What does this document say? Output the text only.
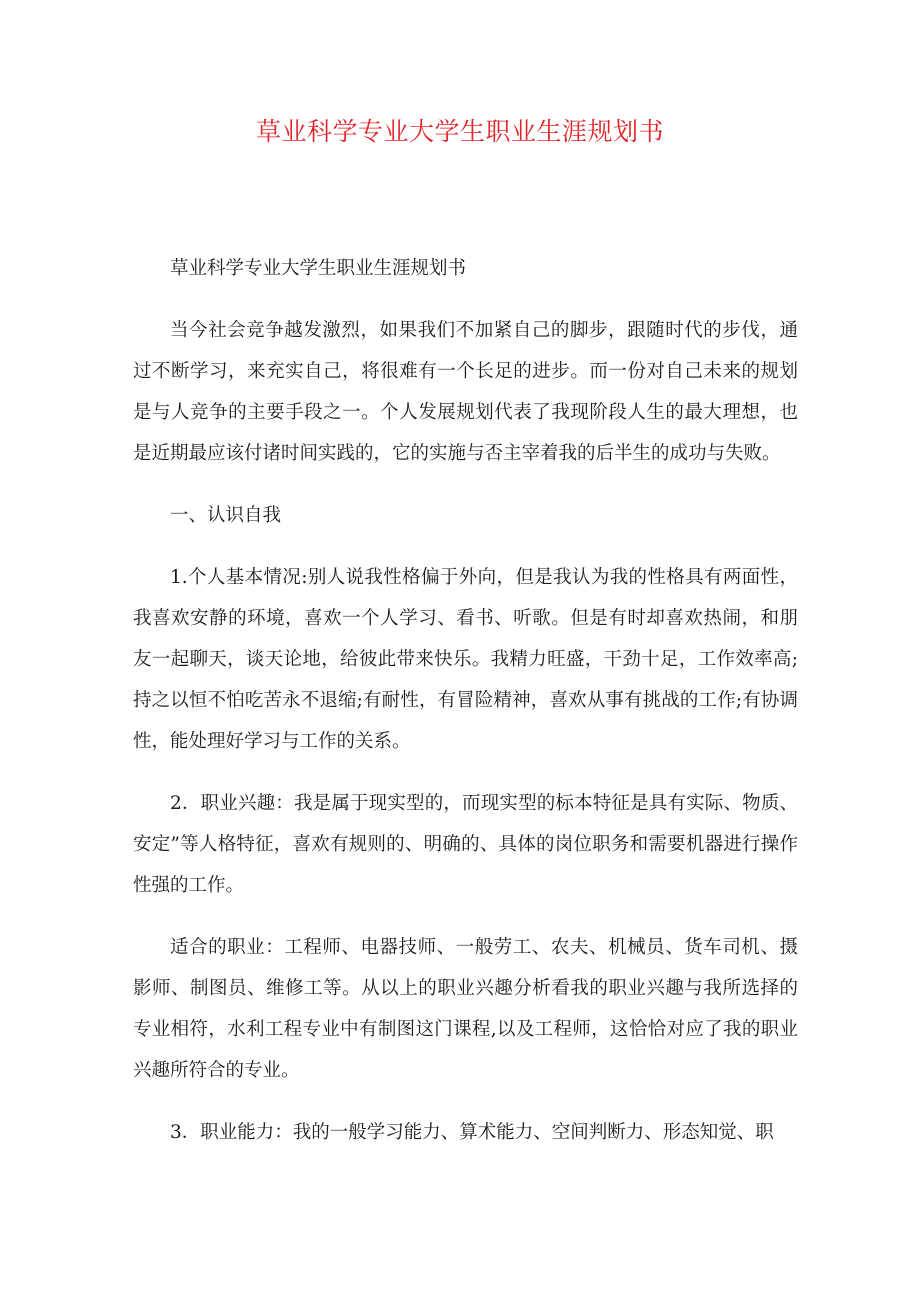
草业科学专业大学生职业生涯规划书

草业科学专业大学生职业生涯规划书

当今社会竞争越发激烈，如果我们不加紧自己的脚步，跟随时代的步伐，通过不断学习，来充实自己，将很难有一个长足的进步。而一份对自己未来的规划是与人竞争的主要手段之一。个人发展规划代表了我现阶段人生的最大理想，也是近期最应该付诸时间实践的，它的实施与否主宰着我的后半生的成功与失败。

一、认识自我

1.个人基本情况:别人说我性格偏于外向，但是我认为我的性格具有两面性，我喜欢安静的环境，喜欢一个人学习、看书、听歌。但是有时却喜欢热闹，和朋友一起聊天，谈天论地，给彼此带来快乐。我精力旺盛，干劲十足，工作效率高;持之以恒不怕吃苦永不退缩;有耐性，有冒险精神，喜欢从事有挑战的工作;有协调性，能处理好学习与工作的关系。

2．职业兴趣：我是属于现实型的，而现实型的标本特征是具有实际、物质、安定”等人格特征，喜欢有规则的、明确的、具体的岗位职务和需要机器进行操作性强的工作。

适合的职业：工程师、电器技师、一般劳工、农夫、机械员、货车司机、摄影师、制图员、维修工等。从以上的职业兴趣分析看我的职业兴趣与我所选择的专业相符，水利工程专业中有制图这门课程,以及工程师，这恰恰对应了我的职业兴趣所符合的专业。

3．职业能力：我的一般学习能力、算术能力、空间判断力、形态知觉、职
